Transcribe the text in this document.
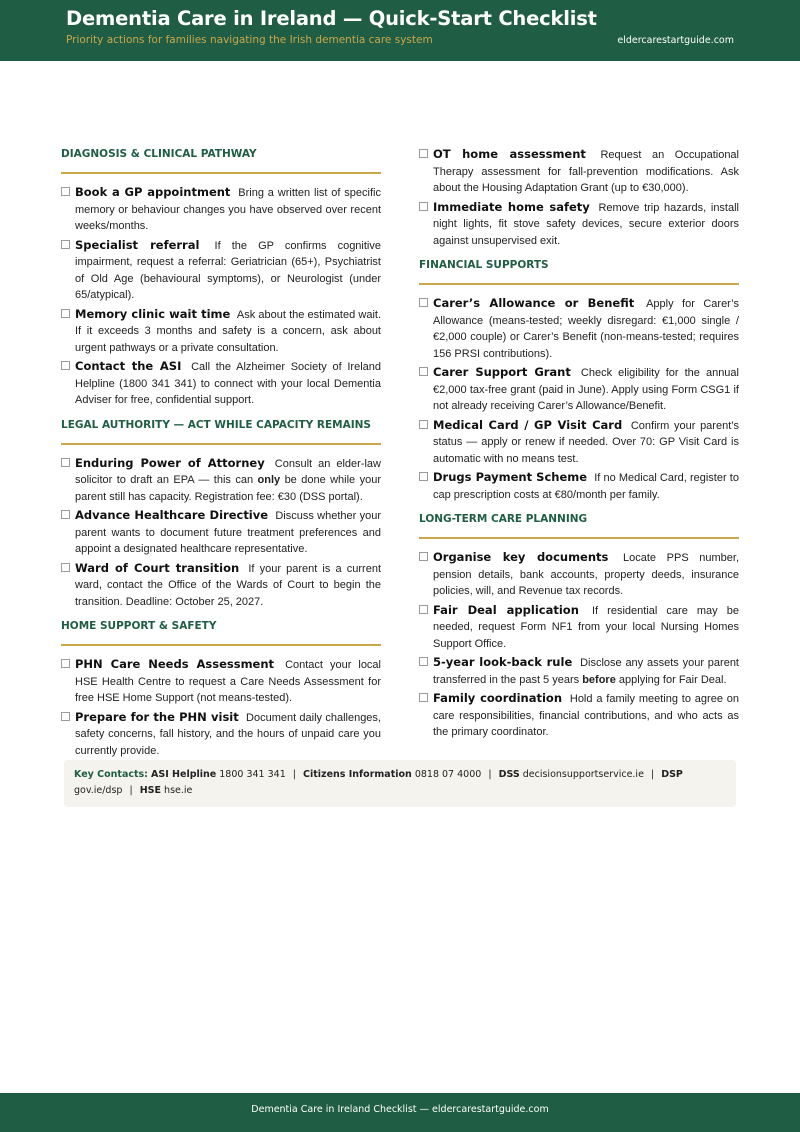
Dementia Care in Ireland — Quick-Start Checklist
Priority actions for families navigating the Irish dementia care system	eldercarestartguide.com
DIAGNOSIS & CLINICAL PATHWAY
Book a GP appointment Bring a written list of specific memory or behaviour changes you have observed over recent weeks/months.
Specialist referral If the GP confirms cognitive impairment, request a referral: Geriatrician (65+), Psychiatrist of Old Age (behavioural symptoms), or Neurologist (under 65/atypical).
Memory clinic wait time Ask about the estimated wait. If it exceeds 3 months and safety is a concern, ask about urgent pathways or a private consultation.
Contact the ASI Call the Alzheimer Society of Ireland Helpline (1800 341 341) to connect with your local Dementia Adviser for free, confidential support.
LEGAL AUTHORITY — ACT WHILE CAPACITY REMAINS
Enduring Power of Attorney Consult an elder-law solicitor to draft an EPA — this can only be done while your parent still has capacity. Registration fee: €30 (DSS portal).
Advance Healthcare Directive Discuss whether your parent wants to document future treatment preferences and appoint a designated healthcare representative.
Ward of Court transition If your parent is a current ward, contact the Office of the Wards of Court to begin the transition. Deadline: October 25, 2027.
HOME SUPPORT & SAFETY
PHN Care Needs Assessment Contact your local HSE Health Centre to request a Care Needs Assessment for free HSE Home Support (not means-tested).
Prepare for the PHN visit Document daily challenges, safety concerns, fall history, and the hours of unpaid care you currently provide.
OT home assessment Request an Occupational Therapy assessment for fall-prevention modifications. Ask about the Housing Adaptation Grant (up to €30,000).
Immediate home safety Remove trip hazards, install night lights, fit stove safety devices, secure exterior doors against unsupervised exit.
FINANCIAL SUPPORTS
Carer’s Allowance or Benefit Apply for Carer’s Allowance (means-tested; weekly disregard: €1,000 single / €2,000 couple) or Carer’s Benefit (non-means-tested; requires 156 PRSI contributions).
Carer Support Grant Check eligibility for the annual €2,000 tax-free grant (paid in June). Apply using Form CSG1 if not already receiving Carer’s Allowance/Benefit.
Medical Card / GP Visit Card Confirm your parent’s status — apply or renew if needed. Over 70: GP Visit Card is automatic with no means test.
Drugs Payment Scheme If no Medical Card, register to cap prescription costs at €80/month per family.
LONG-TERM CARE PLANNING
Organise key documents Locate PPS number, pension details, bank accounts, property deeds, insurance policies, will, and Revenue tax records.
Fair Deal application If residential care may be needed, request Form NF1 from your local Nursing Homes Support Office.
5-year look-back rule Disclose any assets your parent transferred in the past 5 years before applying for Fair Deal.
Family coordination Hold a family meeting to agree on care responsibilities, financial contributions, and who acts as the primary coordinator.
Key Contacts: ASI Helpline 1800 341 341 | Citizens Information 0818 07 4000 | DSS decisionsupportservice.ie | DSP gov.ie/dsp | HSE hse.ie
Dementia Care in Ireland Checklist — eldercarestartguide.com
